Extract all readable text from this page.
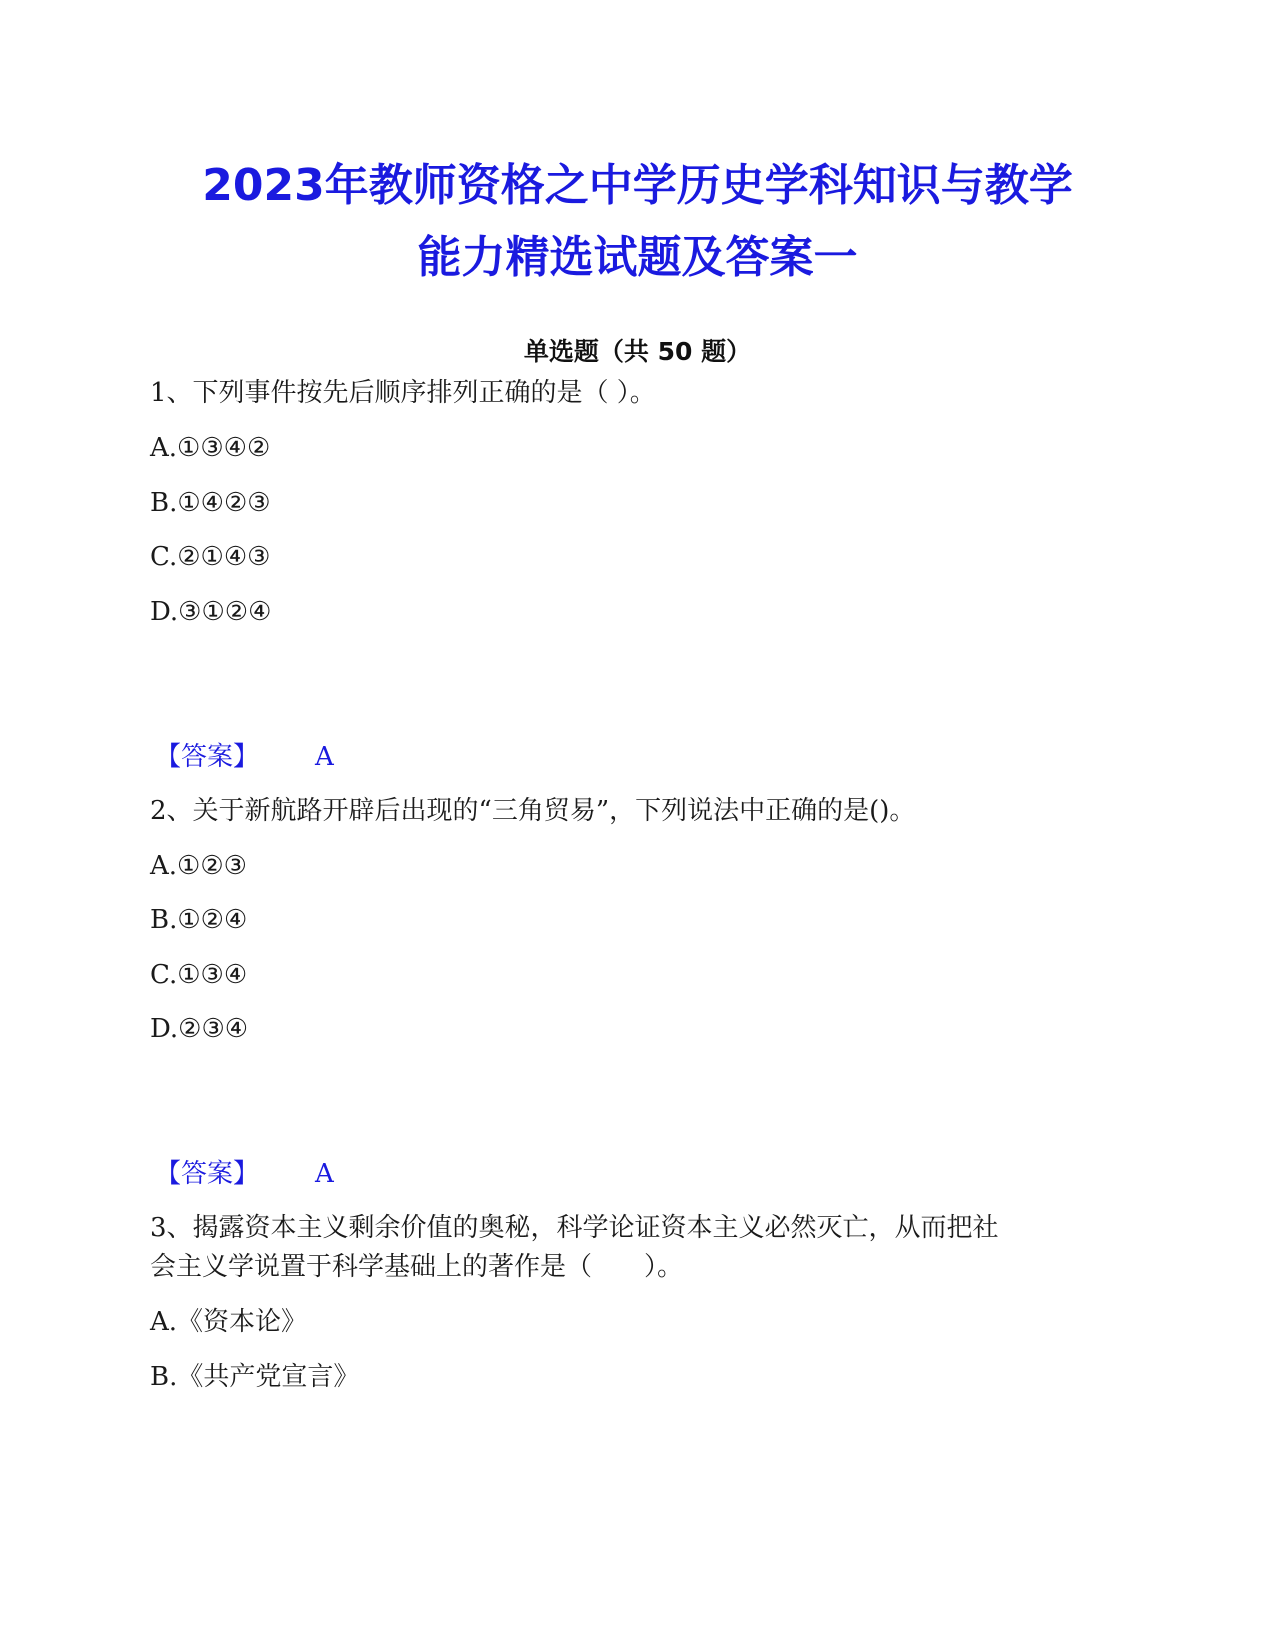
2023年教师资格之中学历史学科知识与教学
能力精选试题及答案一
单选题（共 50 题）
1、下列事件按先后顺序排列正确的是（ ）。
A.①③④②
B.①④②③
C.②①④③
D.③①②④
【答案】 A
2、关于新航路开辟后出现的“三角贸易”，下列说法中正确的是()。
A.①②③
B.①②④
C.①③④
D.②③④
【答案】 A
3、揭露资本主义剩余价值的奥秘，科学论证资本主义必然灭亡，从而把社
会主义学说置于科学基础上的著作是（　　）。
A.《资本论》
B.《共产党宣言》
